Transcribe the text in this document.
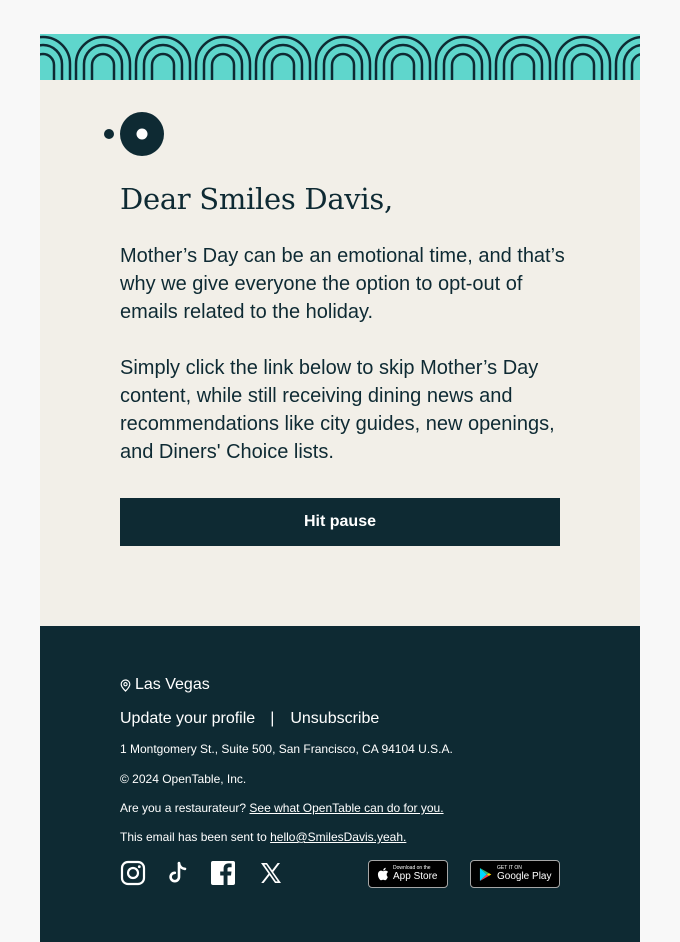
Dear Smiles Davis,

Mother’s Day can be an emotional time, and that’s why we give everyone the option to opt-out of emails related to the holiday.

Simply click the link below to skip Mother’s Day content, while still receiving dining news and recommendations like city guides, new openings, and Diners' Choice lists.

Hit pause
Las Vegas
Update your profile | Unsubscribe
1 Montgomery St., Suite 500, San Francisco, CA 94104 U.S.A.
© 2024 OpenTable, Inc.
Are you a restaurateur? See what OpenTable can do for you.
This email has been sent to hello@SmilesDavis.yeah.
Download on the
App Store
GET IT ON
Google Play
